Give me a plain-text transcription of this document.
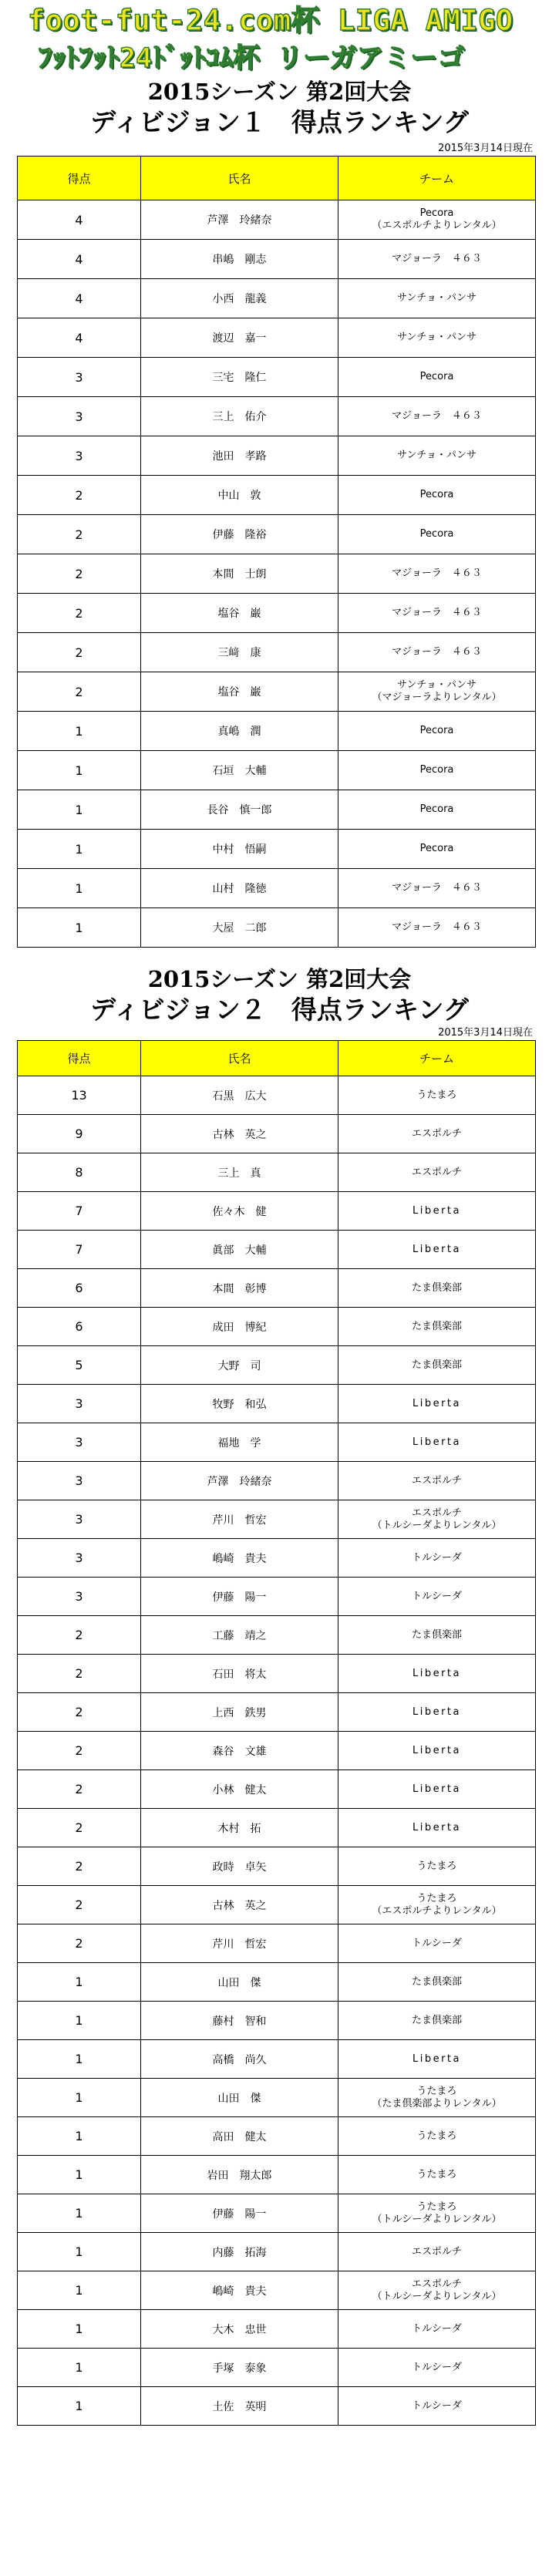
foot-fut-24.com杯 LIGA AMIGO
ﾌｯﾄﾌｯﾄ24ﾄﾞｯﾄｺﾑ杯 リーガアミーゴ
2015シーズン 第2回大会
ディビジョン１　得点ランキング
2015年3月14日現在
得点	氏名	チーム
4	芦澤　玲緒奈	Pecora
（エスポルチよりレンタル）

4	串嶋　剛志	マジョーラ　４６３

4	小西　龍義	サンチョ・パンサ

4	渡辺　嘉一	サンチョ・パンサ

3	三宅　隆仁	Pecora

3	三上　佑介	マジョーラ　４６３

3	池田　孝路	サンチョ・パンサ

2	中山　敦	Pecora

2	伊藤　隆裕	Pecora

2	本間　士朗	マジョーラ　４６３

2	塩谷　巌	マジョーラ　４６３

2	三﨑　康	マジョーラ　４６３

2	塩谷　巌	サンチョ・パンサ
（マジョーラよりレンタル）

1	真嶋　潤	Pecora

1	石垣　大輔	Pecora

1	長谷　慎一郎	Pecora

1	中村　悟嗣	Pecora

1	山村　隆徳	マジョーラ　４６３

1	大屋　二郎	マジョーラ　４６３
2015シーズン 第2回大会
ディビジョン２　得点ランキング
2015年3月14日現在
得点	氏名	チーム
13	石黒　広大	うたまろ

9	古林　英之	エスポルチ

8	三上　真	エスポルチ

7	佐々木　健	Liberta

7	眞部　大輔	Liberta

6	本間　彰博	たま倶楽部

6	成田　博紀	たま倶楽部

5	大野　司	たま倶楽部

3	牧野　和弘	Liberta

3	福地　学	Liberta

3	芦澤　玲緒奈	エスポルチ

3	芹川　哲宏	エスポルチ
（トルシーダよりレンタル）

3	嶋崎　貴夫	トルシーダ

3	伊藤　陽一	トルシーダ

2	工藤　靖之	たま倶楽部

2	石田　将太	Liberta

2	上西　鉄男	Liberta

2	森谷　文雄	Liberta

2	小林　健太	Liberta

2	木村　拓	Liberta

2	政時　卓矢	うたまろ

2	古林　英之	うたまろ
（エスポルチよりレンタル）

2	芹川　哲宏	トルシーダ

1	山田　傑	たま倶楽部

1	藤村　智和	たま倶楽部

1	高橋　尚久	Liberta

1	山田　傑	うたまろ
（たま倶楽部よりレンタル）

1	高田　健太	うたまろ

1	岩田　翔太郎	うたまろ

1	伊藤　陽一	うたまろ
（トルシーダよりレンタル）

1	内藤　拓海	エスポルチ

1	嶋崎　貴夫	エスポルチ
（トルシーダよりレンタル）

1	大木　忠世	トルシーダ

1	手塚　泰象	トルシーダ

1	土佐　英明	トルシーダ
